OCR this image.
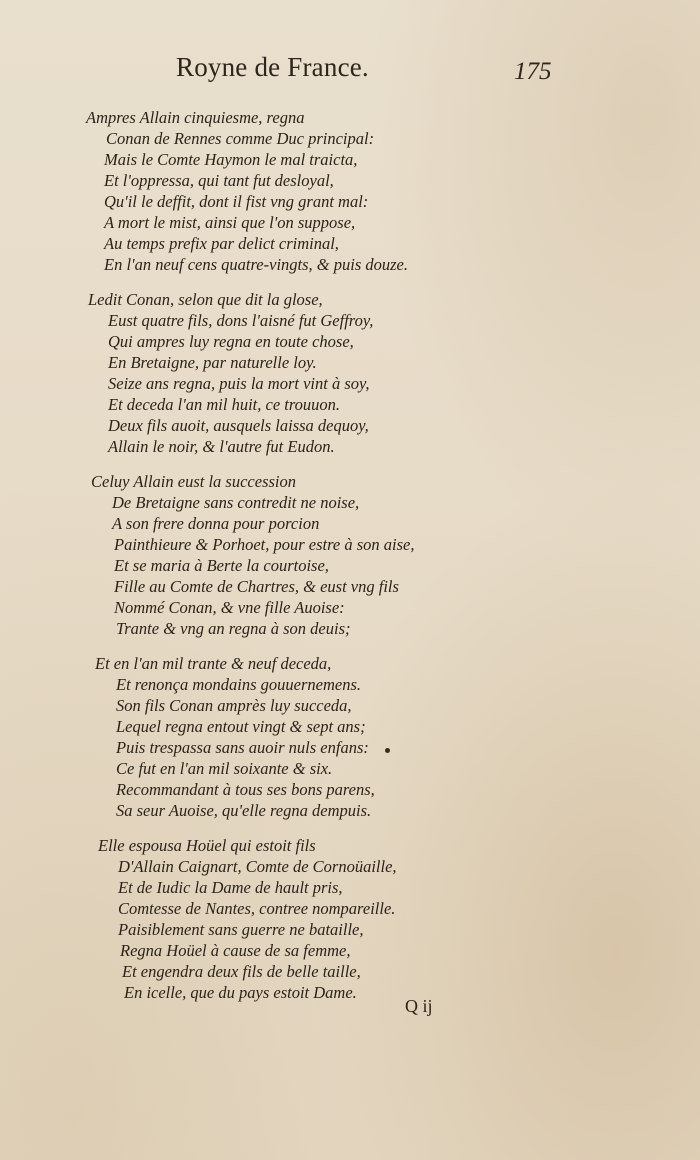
Royne de France.	175
Ampres Allain cinquiesme, regna
Conan de Rennes comme Duc principal:
Mais le Comte Haymon le mal traicta,
Et l'oppressa, qui tant fut desloyal,
Qu'il le deffit, dont il fist vng grant mal:
A mort le mist, ainsi que l'on suppose,
Au temps prefix par delict criminal,
En l'an neuf cens quatre-vingts, & puis douze.
Ledit Conan, selon que dit la glose,
Eust quatre fils, dons l'aisné fut Geffroy,
Qui ampres luy regna en toute chose,
En Bretaigne, par naturelle loy.
Seize ans regna, puis la mort vint à soy,
Et deceda l'an mil huit, ce trouuon.
Deux fils auoit, ausquels laissa dequoy,
Allain le noir, & l'autre fut Eudon.
Celuy Allain eust la succession
De Bretaigne sans contredit ne noise,
A son frere donna pour porcion
Painthieure & Porhoet, pour estre à son aise,
Et se maria à Berte la courtoise,
Fille au Comte de Chartres, & eust vng fils
Nommé Conan, & vne fille Auoise:
Trante & vng an regna à son deuis;
Et en l'an mil trante & neuf deceda,
Et renonça mondains gouuernemens.
Son fils Conan amprès luy succeda,
Lequel regna entout vingt & sept ans;
Puis trespassa sans auoir nuls enfans:
Ce fut en l'an mil soixante & six.
Recommandant à tous ses bons parens,
Sa seur Auoise, qu'elle regna dempuis.
Elle espousa Hoüel qui estoit fils
D'Allain Caignart, Comte de Cornoüaille,
Et de Iudic la Dame de hault pris,
Comtesse de Nantes, contree nompareille.
Paisiblement sans guerre ne bataille,
Regna Hoüel à cause de sa femme,
Et engendra deux fils de belle taille,
En icelle, que du pays estoit Dame.
Q ij
